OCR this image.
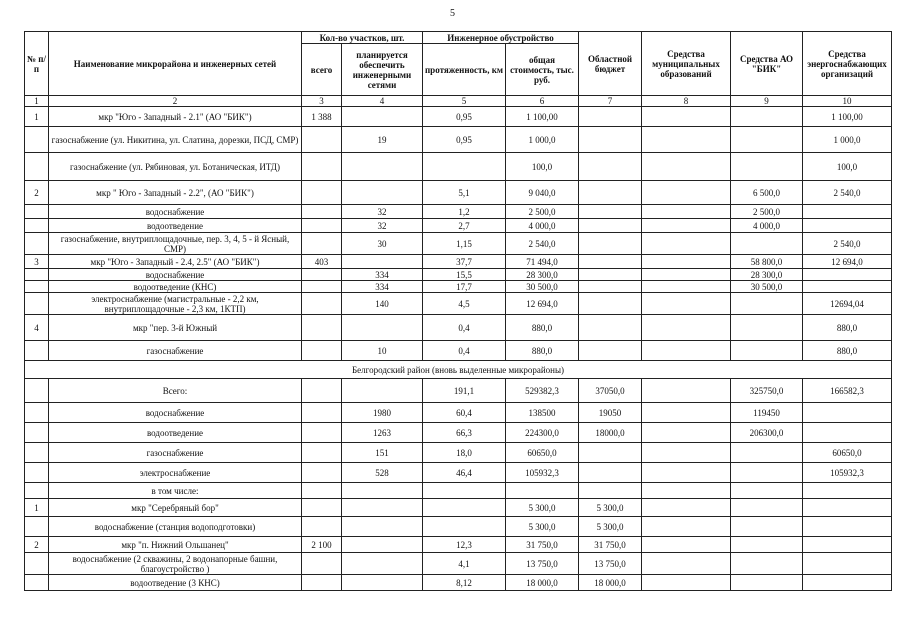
5
№ п/п	Наименование микрорайона и инженерных сетей	Кол-во участков, шт.		Инженерное обустройство		Областной бюджет	Средства муниципальных образований	Средства АО "БИК"	Средства энергоснабжающих организаций
		всего	планируется обеспечить инженерными сетями	протяженность, км	общая стоимость, тыс. руб.				
1	2	3	4	5	6	7	8	9	10
1	мкр "Юго - Западный - 2.1" (АО "БИК")	1 388		0,95	1 100,00				1 100,00
	газоснабжение (ул. Никитина, ул. Слатина, дорезки, ПСД, СМР)		19	0,95	1 000,0				1 000,0
	газоснабжение (ул. Рябиновая, ул. Ботаническая, ИТД)				100,0				100,0
2	мкр " Юго - Западный - 2.2", (АО "БИК")			5,1	9 040,0			6 500,0	2 540,0
	водоснабжение		32	1,2	2 500,0			2 500,0	
	водоотведение		32	2,7	4 000,0			4 000,0	
	газоснабжение, внутриплощадочные, пер. 3, 4, 5 - й Ясный, СМР)		30	1,15	2 540,0				2 540,0
3	мкр "Юго - Западный - 2.4, 2.5" (АО "БИК")	403		37,7	71 494,0			58 800,0	12 694,0
	водоснабжение		334	15,5	28 300,0			28 300,0	
	водоотведение (КНС)		334	17,7	30 500,0			30 500,0	
	электроснабжение (магистральные - 2,2 км, внутриплощадочные - 2,3 км, 1КТП)		140	4,5	12 694,0				12694,04
4	мкр "пер. 3-й Южный			0,4	880,0				880,0
	газоснабжение		10	0,4	880,0				880,0
Белгородский район (вновь выделенные микрорайоны)									
	Всего:			191,1	529382,3	37050,0		325750,0	166582,3
	водоснабжение		1980	60,4	138500	19050		119450	
	водоотведение		1263	66,3	224300,0	18000,0		206300,0	
	газоснабжение		151	18,0	60650,0				60650,0
	электроснабжение		528	46,4	105932,3				105932,3
	в том числе:								
1	мкр "Серебряный бор"				5 300,0	5 300,0			
	водоснабжение (станция водоподготовки)				5 300,0	5 300,0			
2	мкр "п. Нижний Ольшанец"	2 100		12,3	31 750,0	31 750,0			
	водоснабжение (2 скважины, 2 водонапорные башни, благоустройство )			4,1	13 750,0	13 750,0			
	водоотведение (3 КНС)			8,12	18 000,0	18 000,0			
